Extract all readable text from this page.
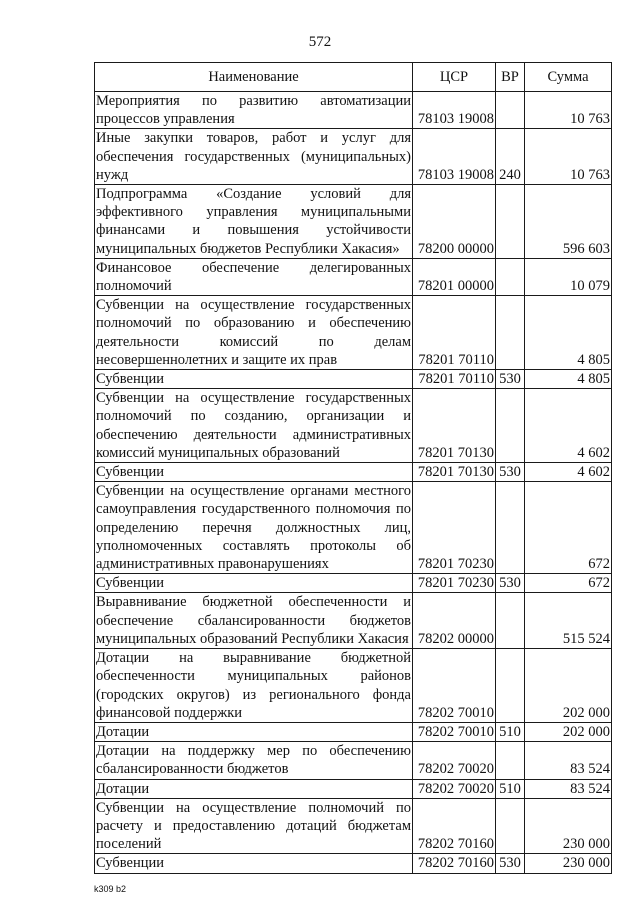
572
Наименование	ЦСР	ВР	Сумма
Мероприятия по развитию автоматизации процессов управления	78103 19008		10 763
Иные закупки товаров, работ и услуг для обеспечения государственных (муниципальных) нужд	78103 19008	240	10 763
Подпрограмма «Создание условий для эффективного управления муниципальными финансами и повышения устойчивости муниципальных бюджетов Республики Хакасия»	78200 00000		596 603
Финансовое обеспечение делегированных полномочий	78201 00000		10 079
Субвенции на осуществление государственных полномочий по образованию и обеспечению деятельности комиссий по делам несовершеннолетних и защите их прав	78201 70110		4 805
Субвенции	78201 70110	530	4 805
Субвенции на осуществление государственных полномочий по созданию, организации и обеспечению деятельности административных комиссий муниципальных образований	78201 70130		4 602
Субвенции	78201 70130	530	4 602
Субвенции на осуществление органами местного самоуправления государственного полномочия по определению перечня должностных лиц, уполномоченных составлять протоколы об административных правонарушениях	78201 70230		672
Субвенции	78201 70230	530	672
Выравнивание бюджетной обеспеченности и обеспечение сбалансированности бюджетов муниципальных образований Республики Хакасия	78202 00000		515 524
Дотации на выравнивание бюджетной обеспеченности муниципальных районов (городских округов) из регионального фонда финансовой поддержки	78202 70010		202 000
Дотации	78202 70010	510	202 000
Дотации на поддержку мер по обеспечению сбалансированности бюджетов	78202 70020		83 524
Дотации	78202 70020	510	83 524
Субвенции на осуществление полномочий по расчету и предоставлению дотаций бюджетам поселений	78202 70160		230 000
Субвенции	78202 70160	530	230 000
k309 b2
